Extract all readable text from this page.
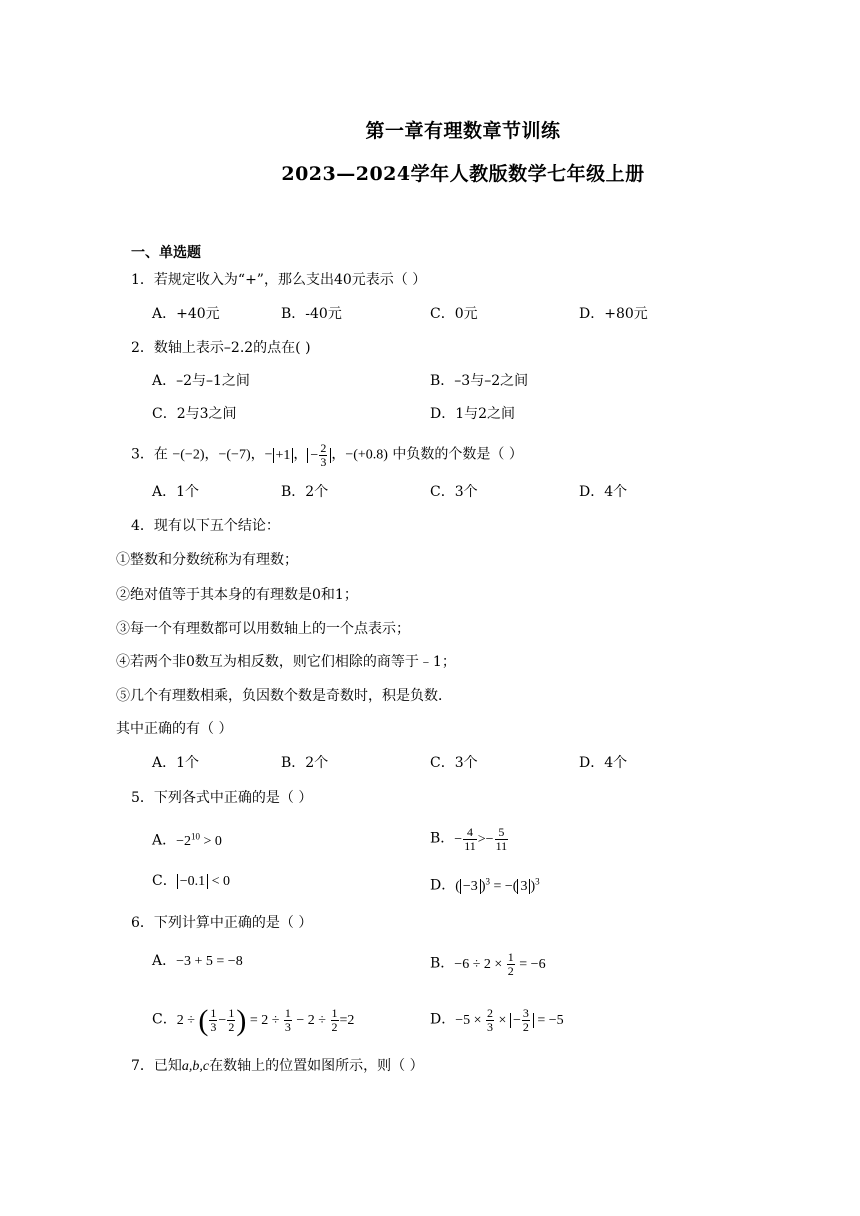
第一章有理数章节训练
2023—2024学年人教版数学七年级上册
一、单选题
1．若规定收入为“+”，那么支出40元表示（ ）
A．+40元	B．-40元	C．0元	D．+80元
2．数轴上表示–2.2的点在( )
A．–2与–1之间	B．–3与–2之间
C．2与3之间	D．1与2之间
3．在 −(−2)，−(−7)，− +1 ， − $\frac{2}{3}$ ，−(+0.8) 中负数的个数是（ ）
A．1个	B．2个	C．3个	D．4个
4．现有以下五个结论：
①整数和分数统称为有理数；
②绝对值等于其本身的有理数是0和1；
③每一个有理数都可以用数轴上的一个点表示；
④若两个非0数互为相反数，则它们相除的商等于﹣1；
⑤几个有理数相乘，负因数个数是奇数时，积是负数．
其中正确的有（ ）
A．1个	B．2个	C．3个	D．4个
5．下列各式中正确的是（ ）
A．$-2^{10} > 0$	B．− $\frac{4}{11} >- \frac{5}{11}$
C． −0.1 < 0	D．( −3 )$^3$ = −( 3 )$^3$
6．下列计算中正确的是（ ）
A．−3 + 5 = −8	B．$-6 \div 2 \times \frac{1}{2} = -6$
C．2 ÷ ( $\frac{1}{3} - \frac{1}{2}$ ) = $2 \div \frac{1}{3} - 2 \div \frac{1}{2} =2$	D．$-5 \times \frac{2}{3}$ × − $\frac{3}{2} = -5$
7．已知a,b,c在数轴上的位置如图所示，则（ ）
